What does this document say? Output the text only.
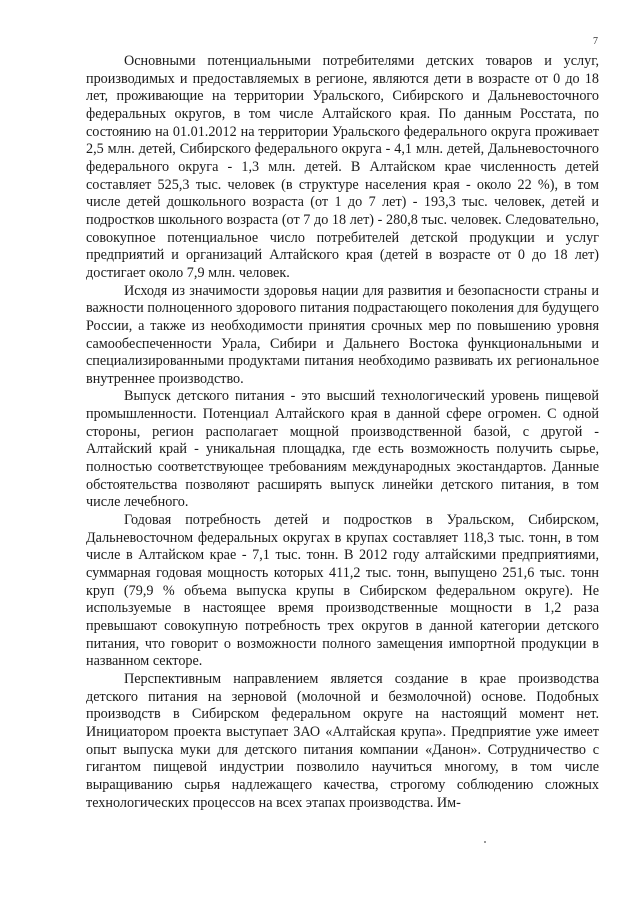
7

Основными потенциальными потребителями детских товаров и услуг, производимых и предоставляемых в регионе, являются дети в возрасте от 0 до 18 лет, проживающие на территории Уральского, Сибирского и Дальневосточного федеральных округов, в том числе Алтайского края. По данным Росстата, по состоянию на 01.01.2012 на территории Уральского федерального округа проживает 2,5 млн. детей, Сибирского федерального округа - 4,1 млн. детей, Дальневосточного федерального округа - 1,3 млн. детей. В Алтайском крае численность детей составляет 525,3 тыс. человек (в структуре населения края - около 22 %), в том числе детей дошкольного возраста (от 1 до 7 лет) - 193,3 тыс. человек, детей и подростков школьного возраста (от 7 до 18 лет) - 280,8 тыс. человек. Следовательно, совокупное потенциальное число потребителей детской продукции и услуг предприятий и организаций Алтайского края (детей в возрасте от 0 до 18 лет) достигает около 7,9 млн. человек.

Исходя из значимости здоровья нации для развития и безопасности страны и важности полноценного здорового питания подрастающего поколения для будущего России, а также из необходимости принятия срочных мер по повышению уровня самообеспеченности Урала, Сибири и Дальнего Востока функциональными и специализированными продуктами питания необходимо развивать их региональное внутреннее производство.

Выпуск детского питания - это высший технологический уровень пищевой промышленности. Потенциал Алтайского края в данной сфере огромен. С одной стороны, регион располагает мощной производственной базой, с другой - Алтайский край - уникальная площадка, где есть возможность получить сырье, полностью соответствующее требованиям международных экостандартов. Данные обстоятельства позволяют расширять выпуск линейки детского питания, в том числе лечебного.

Годовая потребность детей и подростков в Уральском, Сибирском, Дальневосточном федеральных округах в крупах составляет 118,3 тыс. тонн, в том числе в Алтайском крае - 7,1 тыс. тонн. В 2012 году алтайскими предприятиями, суммарная годовая мощность которых 411,2 тыс. тонн, выпущено 251,6 тыс. тонн круп (79,9 % объема выпуска крупы в Сибирском федеральном округе). Не используемые в настоящее время производственные мощности в 1,2 раза превышают совокупную потребность трех округов в данной категории детского питания, что говорит о возможности полного замещения импортной продукции в названном секторе.

Перспективным направлением является создание в крае производства детского питания на зерновой (молочной и безмолочной) основе. Подобных производств в Сибирском федеральном округе на настоящий момент нет. Инициатором проекта выступает ЗАО «Алтайская крупа». Предприятие уже имеет опыт выпуска муки для детского питания компании «Данон». Сотрудничество с гигантом пищевой индустрии позволило научиться многому, в том числе выращиванию сырья надлежащего качества, строгому соблюдению сложных технологических процессов на всех этапах производства. Им-
